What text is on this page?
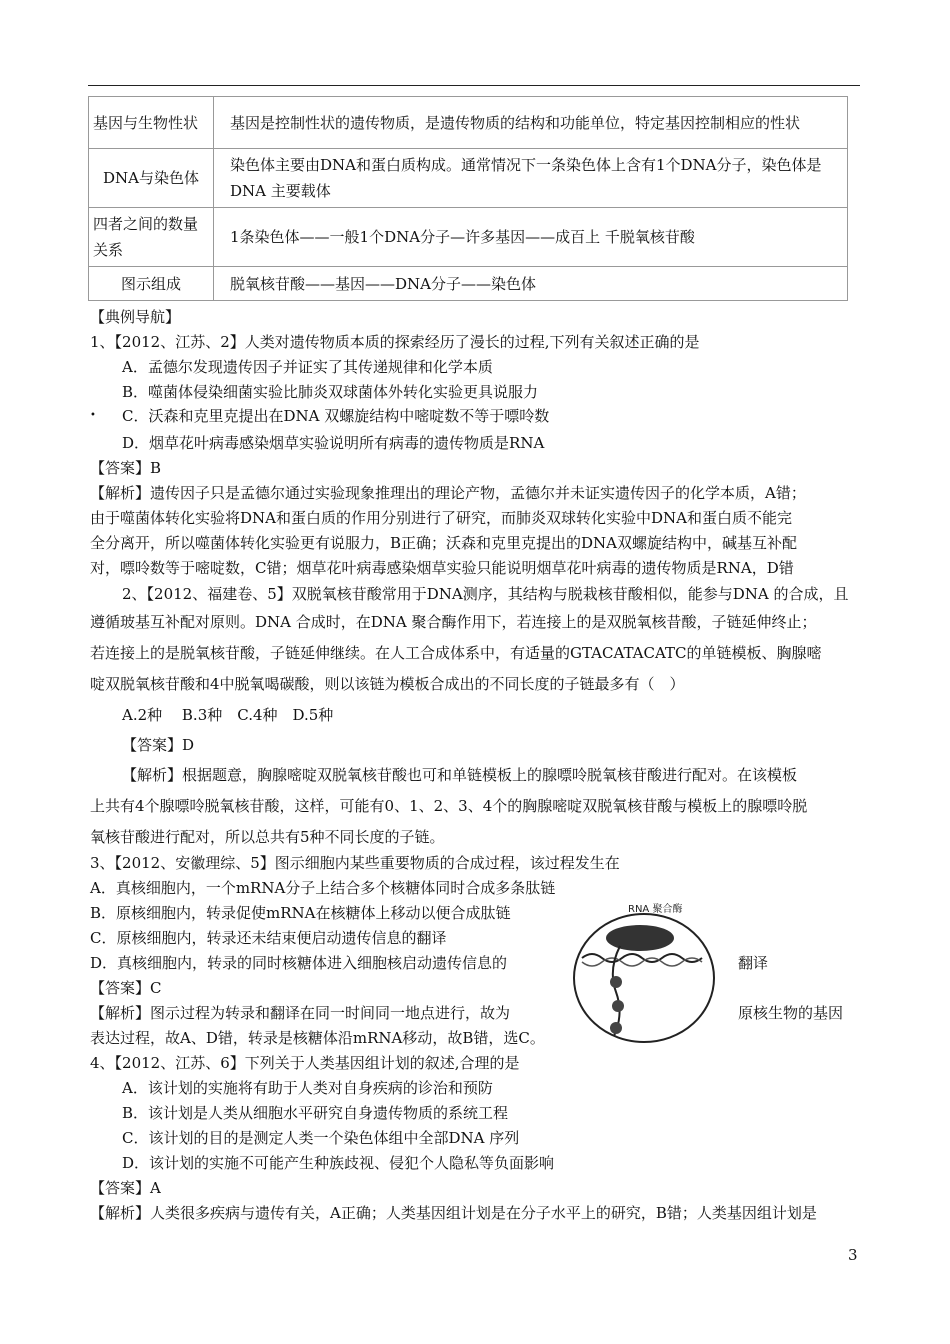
基因与生物性状	基因是控制性状的遗传物质，是遗传物质的结构和功能单位，特定基因控制相应的性状
DNA与染色体	染色体主要由DNA和蛋白质构成。通常情况下一条染色体上含有1个DNA分子，染色体是DNA 主要载体
四者之间的数量关系	1条染色体——一般1个DNA分子—许多基因——成百上 千脱氧核苷酸
图示组成	脱氧核苷酸——基因——DNA分子——染色体
【典例导航】
1、【2012、江苏、2】人类对遗传物质本质的探索经历了漫长的过程,下列有关叙述正确的是
A．孟德尔发现遗传因子并证实了其传递规律和化学本质
B．噬菌体侵染细菌实验比肺炎双球菌体外转化实验更具说服力
• C．沃森和克里克提出在DNA 双螺旋结构中嘧啶数不等于嘌呤数
D．烟草花叶病毒感染烟草实验说明所有病毒的遗传物质是RNA
【答案】B
【解析】遗传因子只是孟德尔通过实验现象推理出的理论产物，孟德尔并未证实遗传因子的化学本质，A错；
由于噬菌体转化实验将DNA和蛋白质的作用分别进行了研究，而肺炎双球转化实验中DNA和蛋白质不能完
全分离开，所以噬菌体转化实验更有说服力，B正确；沃森和克里克提出的DNA双螺旋结构中，碱基互补配
对，嘌呤数等于嘧啶数，C错；烟草花叶病毒感染烟草实验只能说明烟草花叶病毒的遗传物质是RNA，D错
2、【2012、福建卷、5】双脱氧核苷酸常用于DNA测序，其结构与脱栽核苷酸相似，能参与DNA 的合成，且
遵循玻基互补配对原则。DNA 合成时，在DNA 聚合酶作用下，若连接上的是双脱氧核昔酸，子链延伸终止；
若连接上的是脱氧核苷酸，子链延伸继续。在人工合成体系中，有适量的GTACATACATC的单链模板、胸腺嘧
啶双脱氧核苷酸和4中脱氧喝碳酸，则以该链为模板合成出的不同长度的子链最多有（　）
A.2种　 B.3种　C.4种　D.5种
【答案】D
【解析】根据题意，胸腺嘧啶双脱氧核苷酸也可和单链模板上的腺嘌呤脱氧核苷酸进行配对。在该模板
上共有4个腺嘌呤脱氧核苷酸，这样，可能有0、1、2、3、4个的胸腺嘧啶双脱氧核苷酸与模板上的腺嘌呤脱
氧核苷酸进行配对，所以总共有5种不同长度的子链。
3、【2012、安徽理综、5】图示细胞内某些重要物质的合成过程，该过程发生在
A．真核细胞内，一个mRNA分子上结合多个核糖体同时合成多条肽链
B．原核细胞内，转录促使mRNA在核糖体上移动以便合成肽链
C．原核细胞内，转录还未结束便启动遗传信息的翻译
D．真核细胞内，转录的同时核糖体进入细胞核启动遗传信息的	翻译
【答案】C
【解析】图示过程为转录和翻译在同一时间同一地点进行，故为	原核生物的基因
表达过程，故A、D错，转录是核糖体沿mRNA移动，故B错，选C。
RNA 聚合酶
4、【2012、江苏、6】下列关于人类基因组计划的叙述,合理的是
A．该计划的实施将有助于人类对自身疾病的诊治和预防
B．该计划是人类从细胞水平研究自身遗传物质的系统工程
C．该计划的目的是测定人类一个染色体组中全部DNA 序列
D．该计划的实施不可能产生种族歧视、侵犯个人隐私等负面影响
【答案】A
【解析】人类很多疾病与遗传有关，A正确；人类基因组计划是在分子水平上的研究，B错；人类基因组计划是
3
